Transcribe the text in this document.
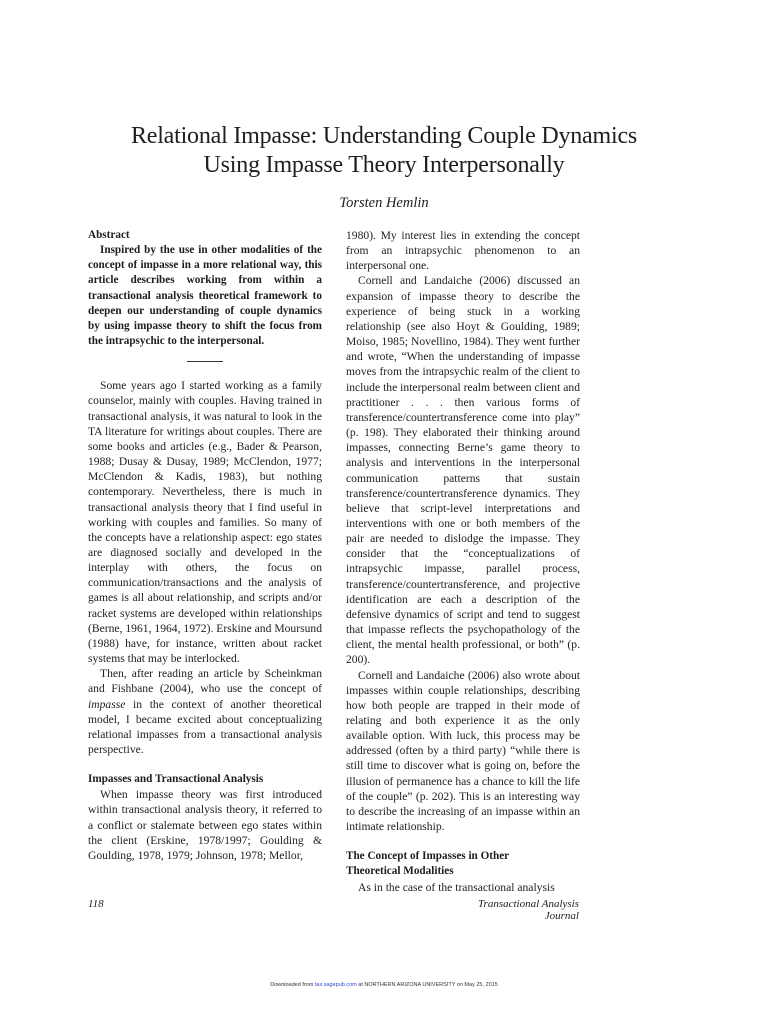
Relational Impasse: Understanding Couple Dynamics
Using Impasse Theory Interpersonally

Torsten Hemlin

Abstract

Inspired by the use in other modalities of the concept of impasse in a more relational way, this article describes working from within a transactional analysis theoretical framework to deepen our understanding of couple dynamics by using impasse theory to shift the focus from the intrapsychic to the interpersonal.

Some years ago I started working as a family counselor, mainly with couples. Having trained in transactional analysis, it was natural to look in the TA literature for writings about couples. There are some books and articles (e.g., Bader & Pearson, 1988; Dusay & Dusay, 1989; McClendon, 1977; McClendon & Kadis, 1983), but nothing contemporary. Nevertheless, there is much in transactional analysis theory that I find useful in working with couples and families. So many of the concepts have a relationship aspect: ego states are diagnosed socially and developed in the interplay with others, the focus on communication/transactions and the analysis of games is all about relationship, and scripts and/or racket systems are developed within relationships (Berne, 1961, 1964, 1972). Erskine and Moursund (1988) have, for instance, written about racket systems that may be interlocked.

Then, after reading an article by Scheinkman and Fishbane (2004), who use the concept of impasse in the context of another theoretical model, I became excited about conceptualizing relational impasses from a transactional analysis perspective.

Impasses and Transactional Analysis

When impasse theory was first introduced within transactional analysis theory, it referred to a conflict or stalemate between ego states within the client (Erskine, 1978/1997; Goulding & Goulding, 1978, 1979; Johnson, 1978; Mellor,

1980). My interest lies in extending the concept from an intrapsychic phenomenon to an interpersonal one.

Cornell and Landaiche (2006) discussed an expansion of impasse theory to describe the experience of being stuck in a working relationship (see also Hoyt & Goulding, 1989; Moiso, 1985; Novellino, 1984). They went further and wrote, “When the understanding of impasse moves from the intrapsychic realm of the client to include the interpersonal realm between client and practitioner . . . then various forms of transference/countertransference come into play” (p. 198). They elaborated their thinking around impasses, connecting Berne’s game theory to analysis and interventions in the interpersonal communication patterns that sustain transference/countertransference dynamics. They believe that script-level interpretations and interventions with one or both members of the pair are needed to dislodge the impasse. They consider that the “conceptualizations of intrapsychic impasse, parallel process, transference/countertransference, and projective identification are each a description of the defensive dynamics of script and tend to suggest that impasse reflects the psychopathology of the client, the mental health professional, or both” (p. 200).

Cornell and Landaiche (2006) also wrote about impasses within couple relationships, describing how both people are trapped in their mode of relating and both experience it as the only available option. With luck, this process may be addressed (often by a third party) “while there is still time to discover what is going on, before the illusion of permanence has a chance to kill the life of the couple” (p. 202). This is an interesting way to describe the increasing of an impasse within an intimate relationship.

The Concept of Impasses in Other
Theoretical Modalities

As in the case of the transactional analysis

118	Transactional Analysis Journal
Downloaded from tax.sagepub.com at NORTHERN ARIZONA UNIVERSITY on May 25, 2015
